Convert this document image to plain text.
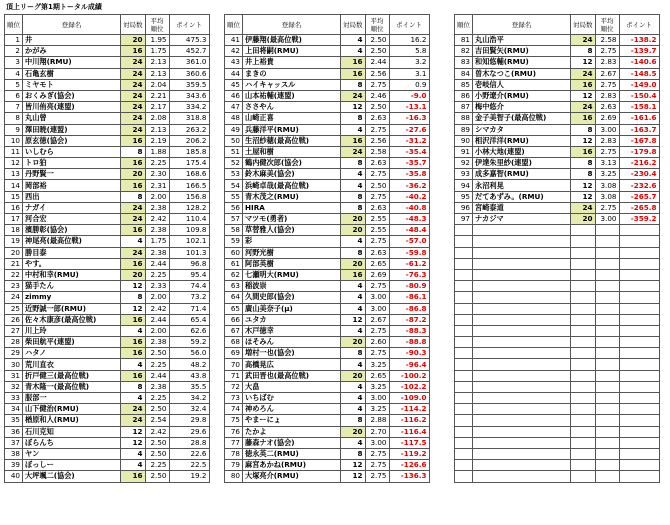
頂上リーグ第1期トータル成績
順位	登録名	対局数	平均
順位	ポイント
1	井	20	1.95	475.3
2	かがみ	16	1.75	452.7
3	中川翔(RMU)	24	2.13	361.0
4	石亀玄樹	24	2.13	360.6
5	ミヤモト	24	2.04	359.5
6	おくみぎ(協会)	24	2.21	343.6
7	皆川侑亮(連盟)	24	2.17	334.2
8	丸山曾	24	2.08	318.8
9	澤田暁(連盟)	24	2.13	263.2
10	原玄徳(協会)	16	2.19	206.2
11	いしむら	8	1.88	185.8
12	トロ狛	16	2.25	175.4
13	丹野賢一	20	2.30	168.6
14	岡部裕	16	2.31	166.5
15	西出	8	2.00	156.8
16	ナガイ	24	2.38	128.2
17	河合宏	24	2.42	110.4
18	濱勝彰(協会)	16	2.38	109.8
19	神尾亮(最高位戦)	4	1.75	102.1
20	勝目泰	24	2.38	101.3
21	やす。	16	2.44	96.8
22	中村和幸(RMU)	20	2.25	95.4
23	猫手たん	12	2.33	74.4
24	zimmy	8	2.00	73.2
25	近野誠一郎(RMU)	12	2.42	71.4
26	佐々木康彦(最高位戦)	16	2.44	65.4
27	川上玲	4	2.00	62.6
28	柴田航平(連盟)	16	2.38	59.2
29	ハタノ	16	2.50	56.0
30	荒川直衣	4	2.25	48.2
31	折戸健三(最高位戦)	16	2.44	43.8
32	青木隆一(最高位戦)	8	2.38	35.5
33	服部一	4	2.25	34.2
34	山下健治(RMU)	24	2.50	32.4
35	楢原和人(RMU)	24	2.54	29.8
36	石川克知	12	2.42	29.6
37	ぼらんち	12	2.50	28.8
38	ヤン	4	2.50	22.6
39	ぼっしー	4	2.25	22.5
40	大坪颯二(協会)	16	2.50	19.2
順位	登録名	対局数	平均
順位	ポイント
41	伊藤翔(最高位戦)	4	2.50	16.2
42	上田将嗣(RMU)	4	2.50	5.8
43	井上裕貴	16	2.44	3.2
44	まきの	16	2.56	3.1
45	ハイキャッスル	8	2.75	0.9
46	山本祐輔(連盟)	24	2.46	-9.0
47	ささやん	12	2.50	-13.1
48	山崎正喜	8	2.63	-16.3
49	兵藤洋平(RMU)	4	2.75	-27.6
50	生沼紗穂(最高位戦)	16	2.56	-31.2
51	土屋和樹	24	2.58	-35.4
52	鶴内健次郎(協会)	8	2.63	-35.7
53	鈴木麻美(協会)	4	2.75	-35.8
54	浜崎卓哉(最高位戦)	4	2.50	-36.2
55	青木茂之(RMU)	8	2.75	-40.2
56	HIRA	8	2.63	-40.8
57	マツモ(勇者)	20	2.55	-48.3
58	草替雅人(協会)	20	2.55	-48.4
59	彩	4	2.75	-57.0
60	河野光樹	8	2.63	-59.8
61	阿部英樹	20	2.65	-61.2
62	七瀬明大(RMU)	16	2.69	-76.3
63	稲波崇	4	2.75	-80.9
64	久間史郎(協会)	4	3.00	-86.1
65	廣山美奈子(μ)	4	3.00	-86.8
66	ユタカ	12	2.67	-87.2
67	木戸徳幸	4	2.75	-88.3
68	ほそみん	20	2.60	-88.8
69	増村一也(協会)	8	2.75	-90.3
70	高橋晃広	4	3.25	-96.4
71	武田晋也(最高位戦)	20	2.65	-100.2
72	大畠	4	3.25	-102.2
73	いちばむ	4	3.00	-109.0
74	神めろん	4	3.25	-114.2
75	やまーにょ	8	2.88	-116.2
76	たかよ	20	2.70	-116.4
77	藤森ナオ(協会)	4	3.00	-117.5
78	徳永英二(RMU)	8	2.75	-119.2
79	麻宮あかね(RMU)	12	2.75	-126.6
80	大塚亮介(RMU)	12	2.75	-136.3
順位	登録名	対局数	平均
順位	ポイント
81	丸山浩平	24	2.58	-138.2
82	吉田賢矢(RMU)	8	2.75	-139.7
83	和知悠輔(RMU)	12	2.83	-140.6
84	曽木なつこ(RMU)	24	2.67	-148.5
85	壱岐信人	16	2.75	-149.0
86	小野遼介(RMU)	12	2.83	-150.4
87	梅中悠介	24	2.63	-158.1
88	金子美智子(最高位戦)	16	2.69	-161.6
89	シマカタ	8	3.00	-163.7
90	相沢洋洋(RMU)	12	2.83	-167.8
91	小林大地(連盟)	16	2.75	-179.8
92	伊達朱里紗(連盟)	8	3.13	-216.2
93	成多嘉智(RMU)	8	3.25	-230.4
94	永沼利晃	12	3.08	-232.6
95	だてあずみ。(RMU)	12	3.08	-265.7
96	宮崎泰道	24	2.75	-265.8
97	ナカジマ	20	3.00	-359.2
